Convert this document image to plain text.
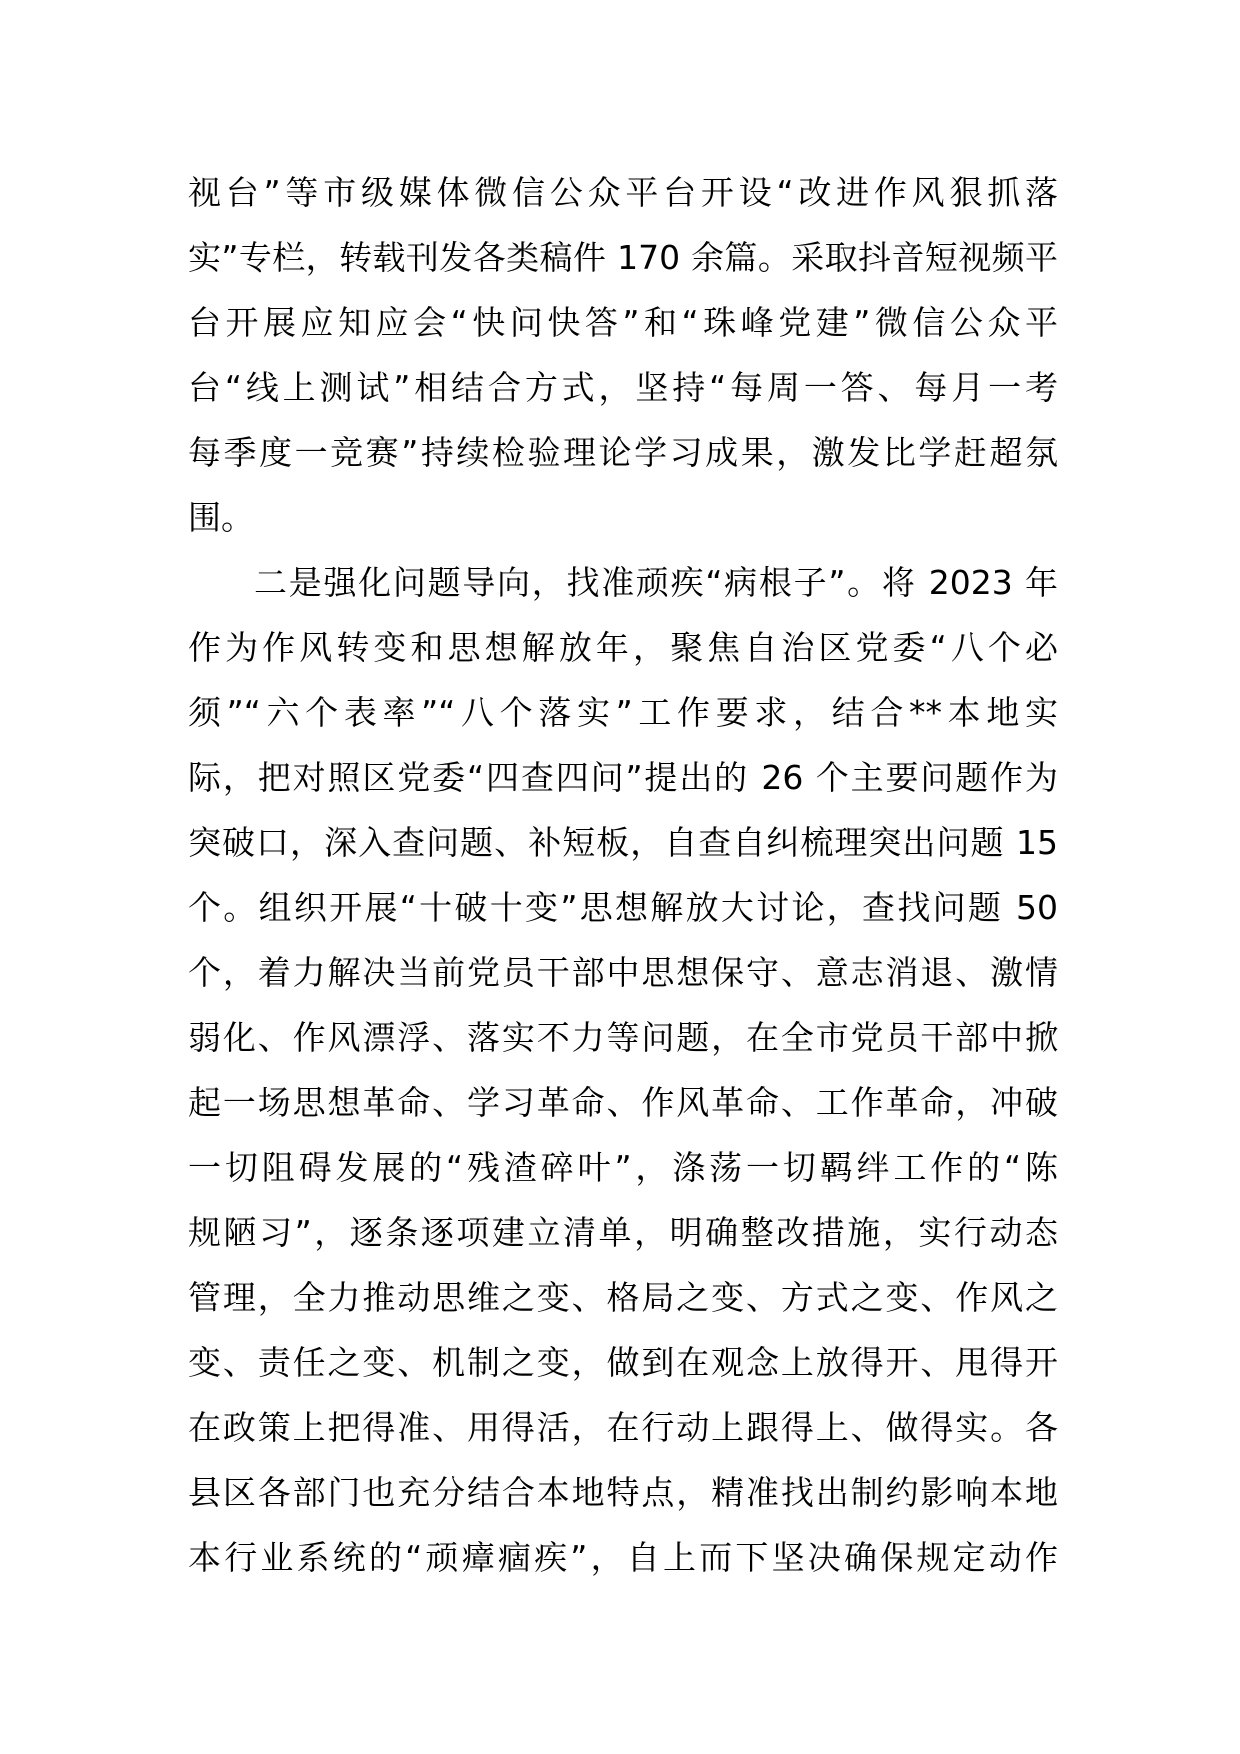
视台”等市级媒体微信公众平台开设“改进作风狠抓落
实”专栏，转载刊发各类稿件 170 余篇。采取抖音短视频平
台开展应知应会“快问快答”和“珠峰党建”微信公众平
台“线上测试”相结合方式，坚持“每周一答、每月一考
每季度一竞赛”持续检验理论学习成果，激发比学赶超氛
围。
二是强化问题导向，找准顽疾“病根子”。将 2023 年
作为作风转变和思想解放年，聚焦自治区党委“八个必
须”“六个表率”“八个落实”工作要求，结合**本地实
际，把对照区党委“四查四问”提出的 26 个主要问题作为
突破口，深入查问题、补短板，自查自纠梳理突出问题 15
个。组织开展“十破十变”思想解放大讨论，查找问题 50
个，着力解决当前党员干部中思想保守、意志消退、激情
弱化、作风漂浮、落实不力等问题，在全市党员干部中掀
起一场思想革命、学习革命、作风革命、工作革命，冲破
一切阻碍发展的“残渣碎叶”，涤荡一切羁绊工作的“陈
规陋习”，逐条逐项建立清单，明确整改措施，实行动态
管理，全力推动思维之变、格局之变、方式之变、作风之
变、责任之变、机制之变，做到在观念上放得开、甩得开
在政策上把得准、用得活，在行动上跟得上、做得实。各
县区各部门也充分结合本地特点，精准找出制约影响本地
本行业系统的“顽瘴痼疾”，自上而下坚决确保规定动作
